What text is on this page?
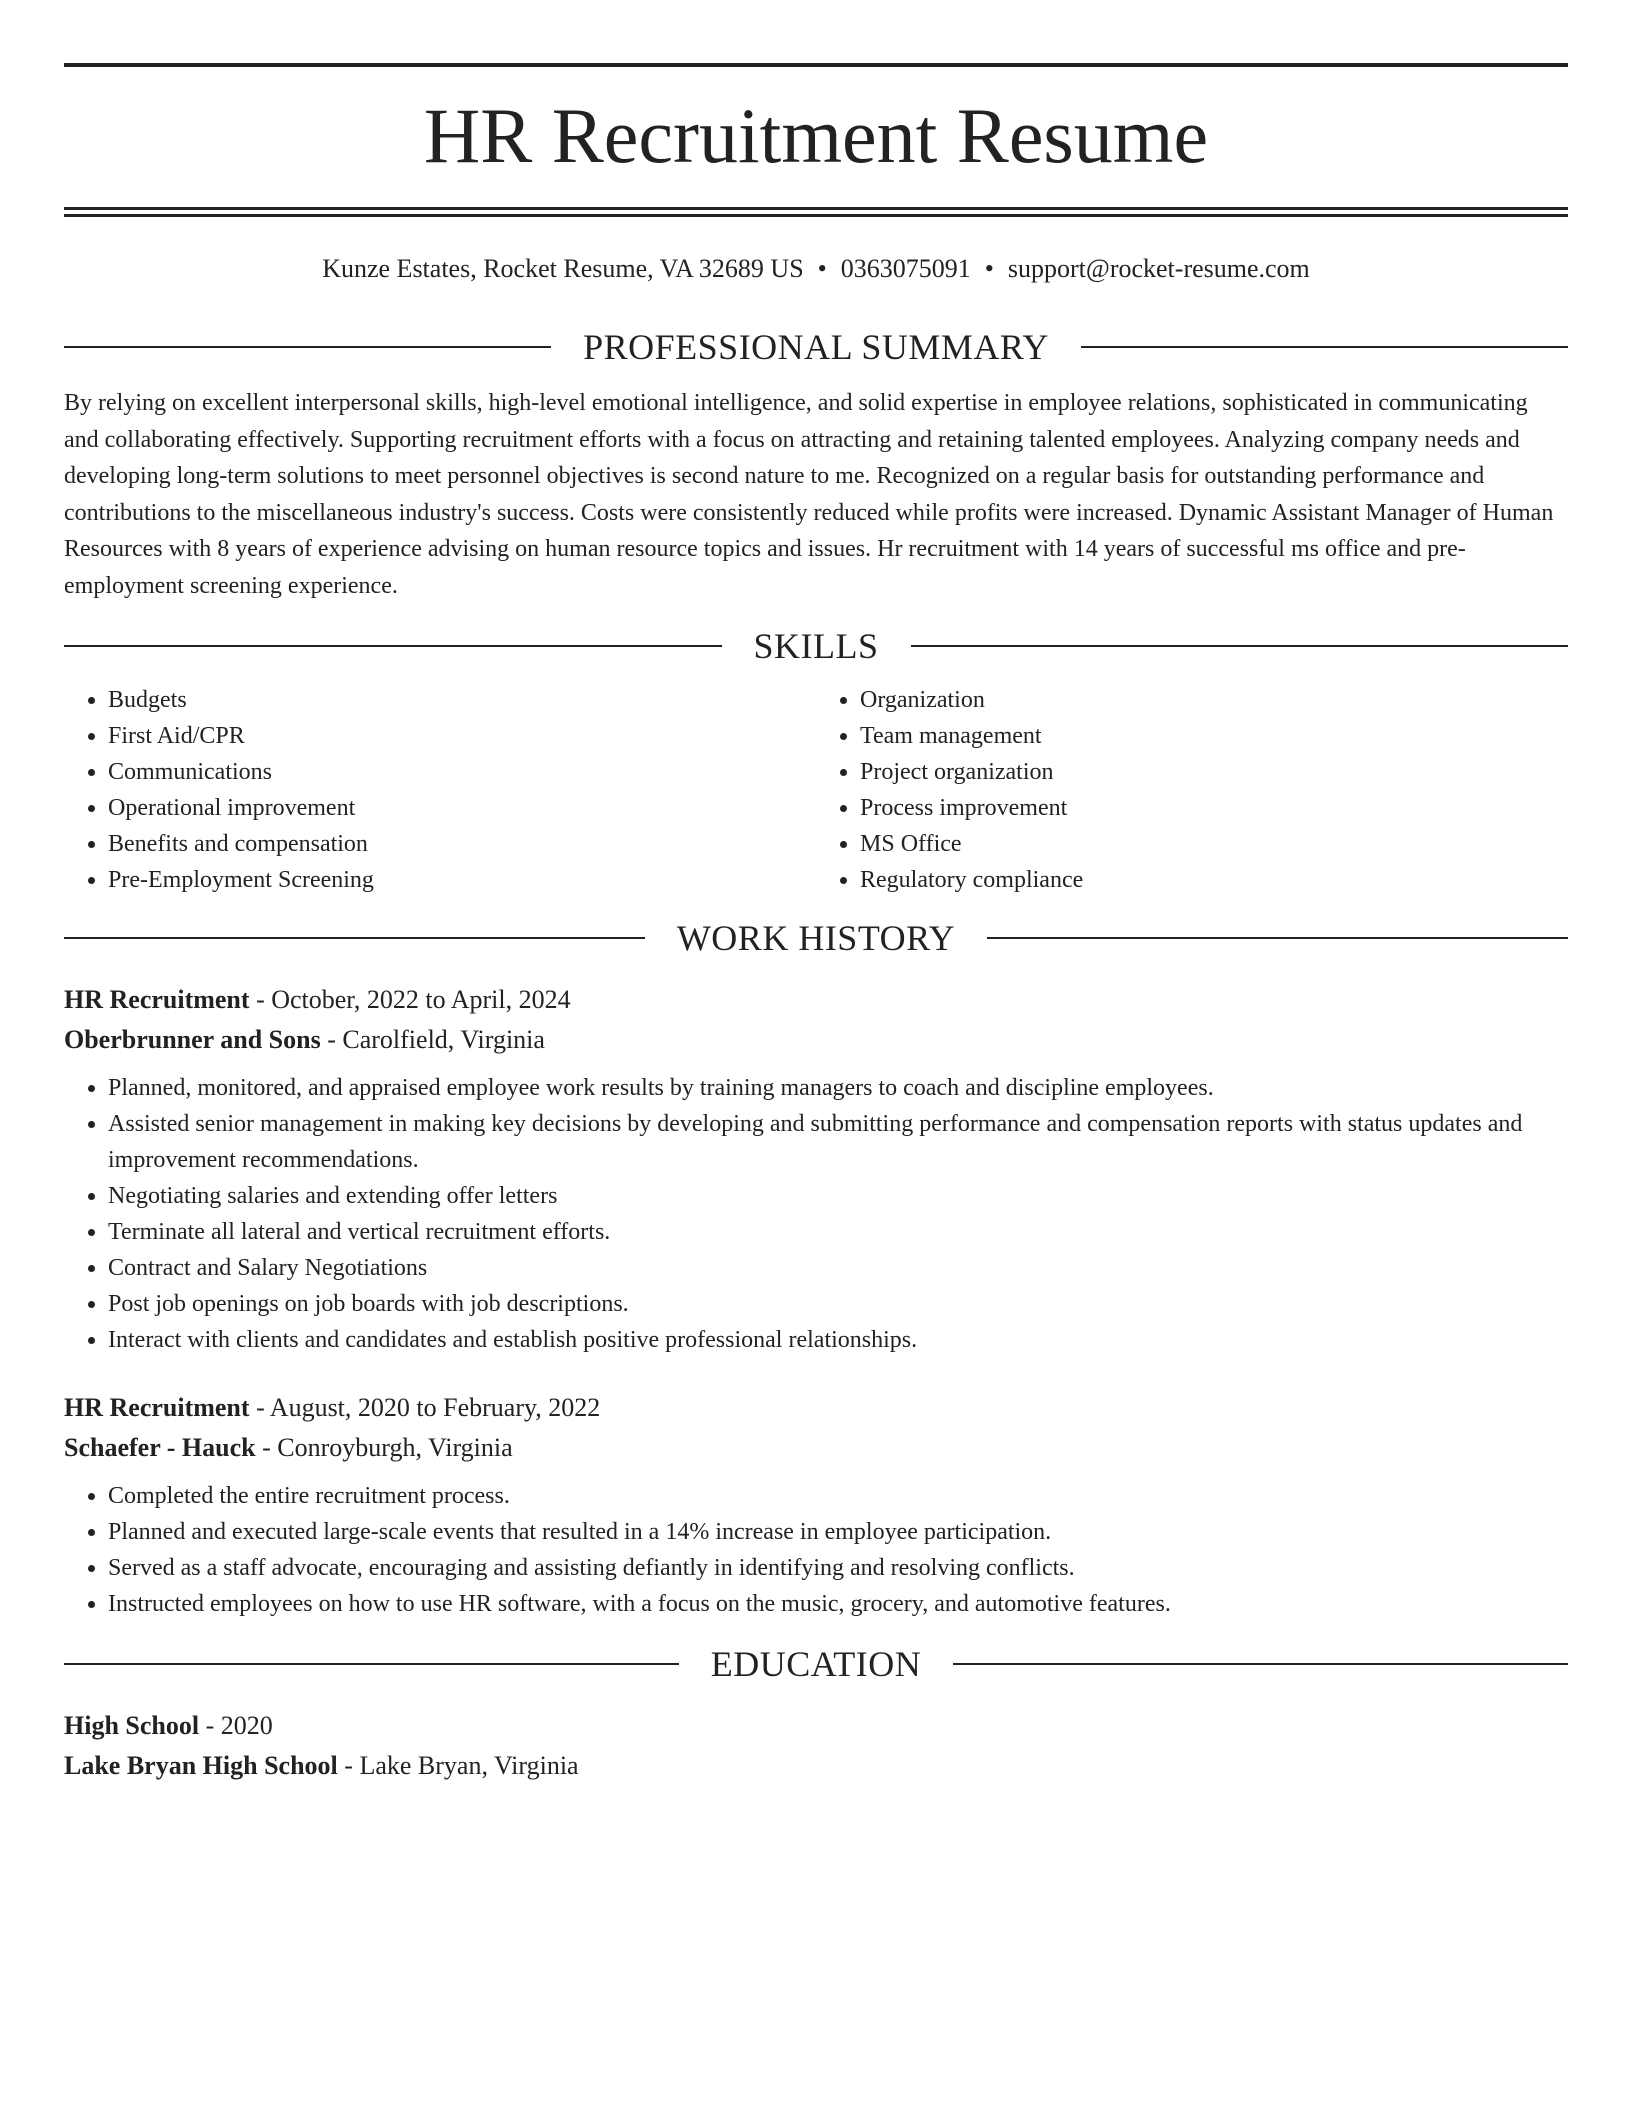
HR Recruitment Resume
Kunze Estates, Rocket Resume, VA 32689 US • 0363075091 • support@rocket-resume.com
PROFESSIONAL SUMMARY

By relying on excellent interpersonal skills, high-level emotional intelligence, and solid expertise in employee relations, sophisticated in communicating and collaborating effectively. Supporting recruitment efforts with a focus on attracting and retaining talented employees. Analyzing company needs and developing long-term solutions to meet personnel objectives is second nature to me. Recognized on a regular basis for outstanding performance and contributions to the miscellaneous industry's success. Costs were consistently reduced while profits were increased. Dynamic Assistant Manager of Human Resources with 8 years of experience advising on human resource topics and issues. Hr recruitment with 14 years of successful ms office and pre-employment screening experience.

SKILLS
• Budgets
• First Aid/CPR
• Communications
• Operational improvement
• Benefits and compensation
• Pre-Employment Screening
• Organization
• Team management
• Project organization
• Process improvement
• MS Office
• Regulatory compliance
WORK HISTORY
HR Recruitment - October, 2022 to April, 2024
Oberbrunner and Sons - Carolfield, Virginia
• Planned, monitored, and appraised employee work results by training managers to coach and discipline employees.
• Assisted senior management in making key decisions by developing and submitting performance and compensation reports with status updates and improvement recommendations.
• Negotiating salaries and extending offer letters
• Terminate all lateral and vertical recruitment efforts.
• Contract and Salary Negotiations
• Post job openings on job boards with job descriptions.
• Interact with clients and candidates and establish positive professional relationships.
HR Recruitment - August, 2020 to February, 2022
Schaefer - Hauck - Conroyburgh, Virginia
• Completed the entire recruitment process.
• Planned and executed large-scale events that resulted in a 14% increase in employee participation.
• Served as a staff advocate, encouraging and assisting defiantly in identifying and resolving conflicts.
• Instructed employees on how to use HR software, with a focus on the music, grocery, and automotive features.
EDUCATION
High School - 2020
Lake Bryan High School - Lake Bryan, Virginia
